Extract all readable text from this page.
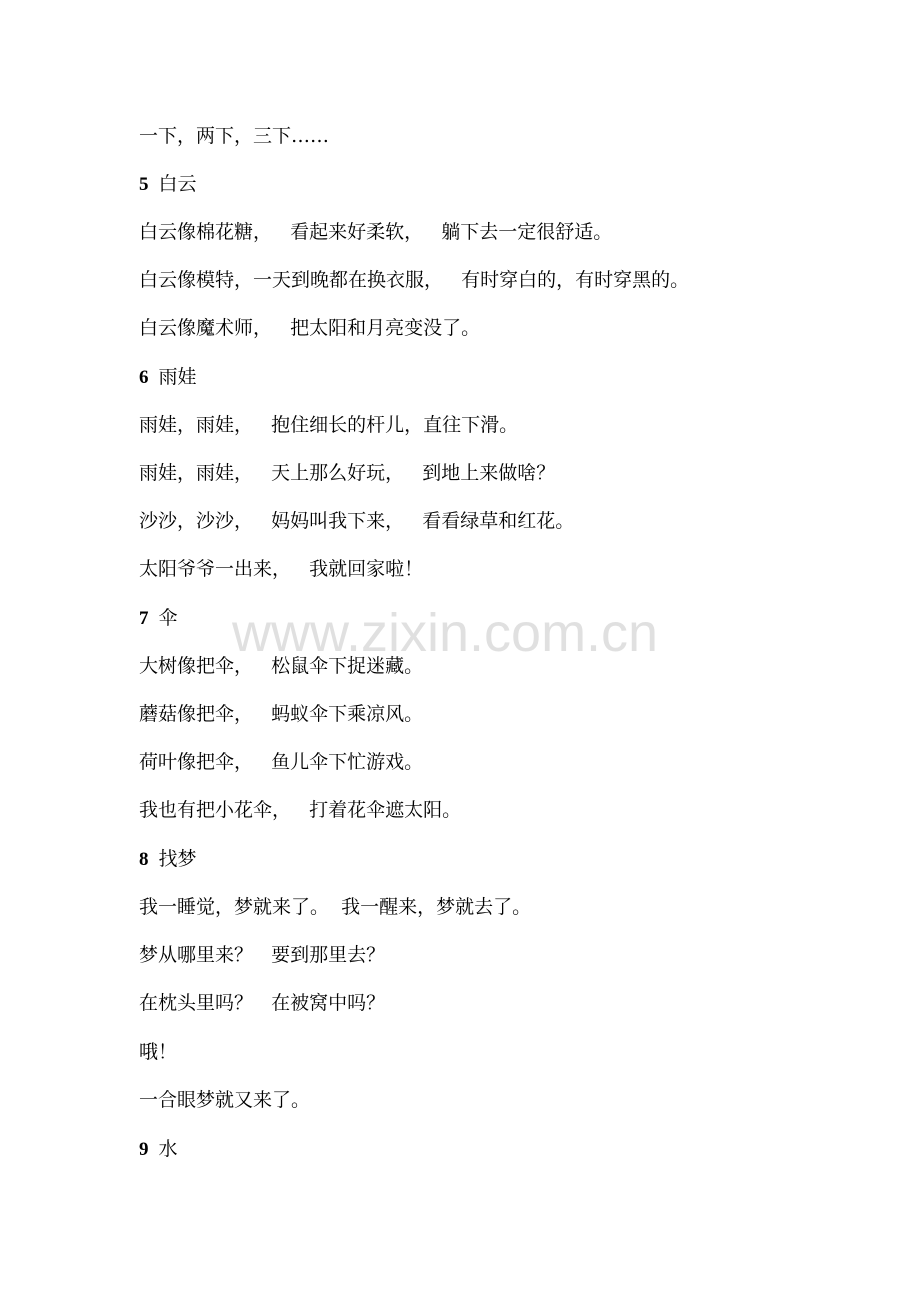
一下，两下，三下……
5 白云
白云像棉花糖，   看起来好柔软，   躺下去一定很舒适。
白云像模特，一天到晚都在换衣服，   有时穿白的，有时穿黑的。
白云像魔术师，   把太阳和月亮变没了。
6 雨娃
雨娃，雨娃，   抱住细长的杆儿，直往下滑。
雨娃，雨娃，   天上那么好玩，   到地上来做啥？
沙沙，沙沙，   妈妈叫我下来，   看看绿草和红花。
太阳爷爷一出来，   我就回家啦！
7 伞
大树像把伞，   松鼠伞下捉迷藏。
蘑菇像把伞，   蚂蚁伞下乘凉风。
荷叶像把伞，   鱼儿伞下忙游戏。
我也有把小花伞，   打着花伞遮太阳。
8 找梦
我一睡觉，梦就来了。  我一醒来，梦就去了。
梦从哪里来？   要到那里去？
在枕头里吗？   在被窝中吗？
哦！
一合眼梦就又来了。
9 水
www.zixin.com.cn
